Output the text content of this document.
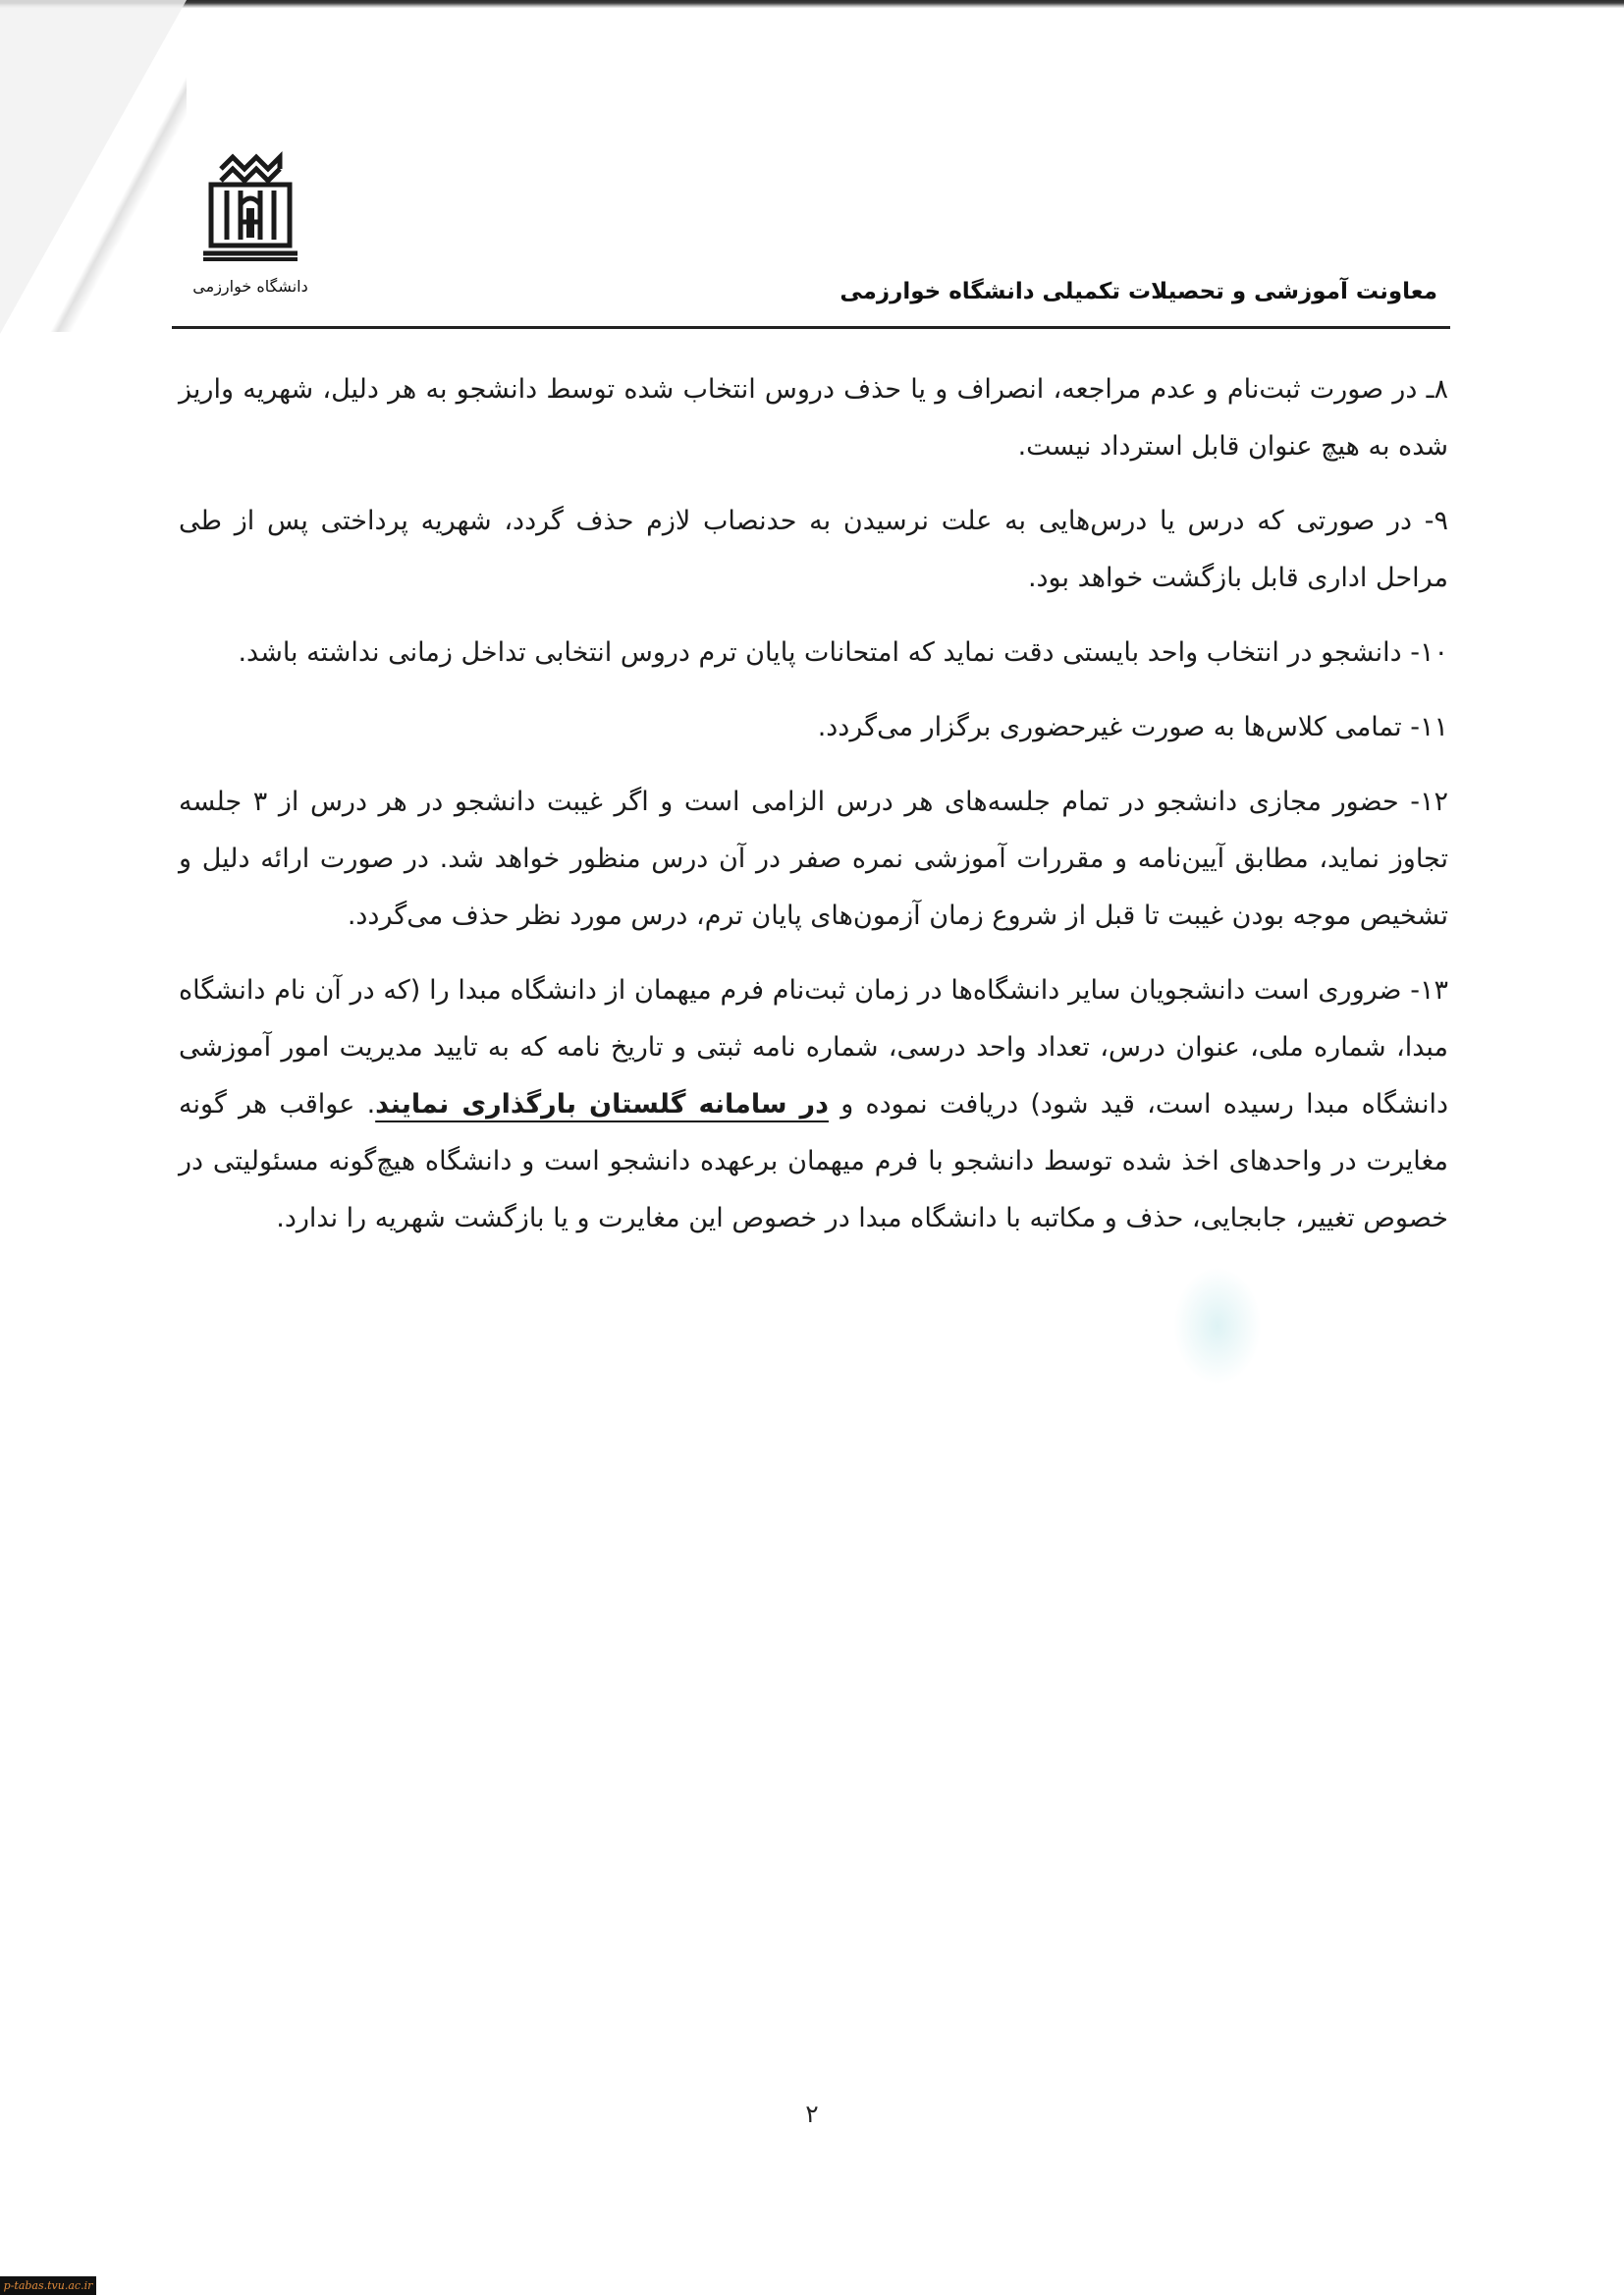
دانشگاه خوارزمی	معاونت آموزشی و تحصیلات تکمیلی دانشگاه خوارزمی

۸ـ در صورت ثبت‌نام و عدم مراجعه، انصراف و یا حذف دروس انتخاب شده توسط دانشجو به هر دلیل، شهریه واریز شده به هیچ عنوان قابل استرداد نیست.

۹- در صورتی که درس یا درس‌هایی به علت نرسیدن به حدنصاب لازم حذف گردد، شهریه پرداختی پس از طی مراحل اداری قابل بازگشت خواهد بود.

۱۰- دانشجو در انتخاب واحد بایستی دقت نماید که امتحانات پایان ترم دروس انتخابی تداخل زمانی نداشته باشد.

۱۱- تمامی کلاس‌ها به صورت غیرحضوری برگزار می‌گردد.

۱۲- حضور مجازی دانشجو در تمام جلسه‌های هر درس الزامی است و اگر غیبت دانشجو در هر درس از ۳ جلسه تجاوز نماید، مطابق آیین‌نامه و مقررات آموزشی نمره صفر در آن درس منظور خواهد شد. در صورت ارائه دلیل و تشخیص موجه بودن غیبت تا قبل از شروع زمان آزمون‌های پایان ترم، درس مورد نظر حذف می‌گردد.

۱۳- ضروری است دانشجویان سایر دانشگاه‌ها در زمان ثبت‌نام فرم میهمان از دانشگاه مبدا را (که در آن نام دانشگاه مبدا، شماره ملی، عنوان درس، تعداد واحد درسی، شماره نامه ثبتی و تاریخ نامه که به تایید مدیریت امور آموزشی دانشگاه مبدا رسیده است، قید شود) دریافت نموده و در سامانه گلستان بارگذاری نمایند. عواقب هر گونه مغایرت در واحدهای اخذ شده توسط دانشجو با فرم میهمان برعهده دانشجو است و دانشگاه هیچ‌گونه مسئولیتی در خصوص تغییر، جابجایی، حذف و مکاتبه با دانشگاه مبدا در خصوص این مغایرت و یا بازگشت شهریه را ندارد.

۲
p-tabas.tvu.ac.ir
